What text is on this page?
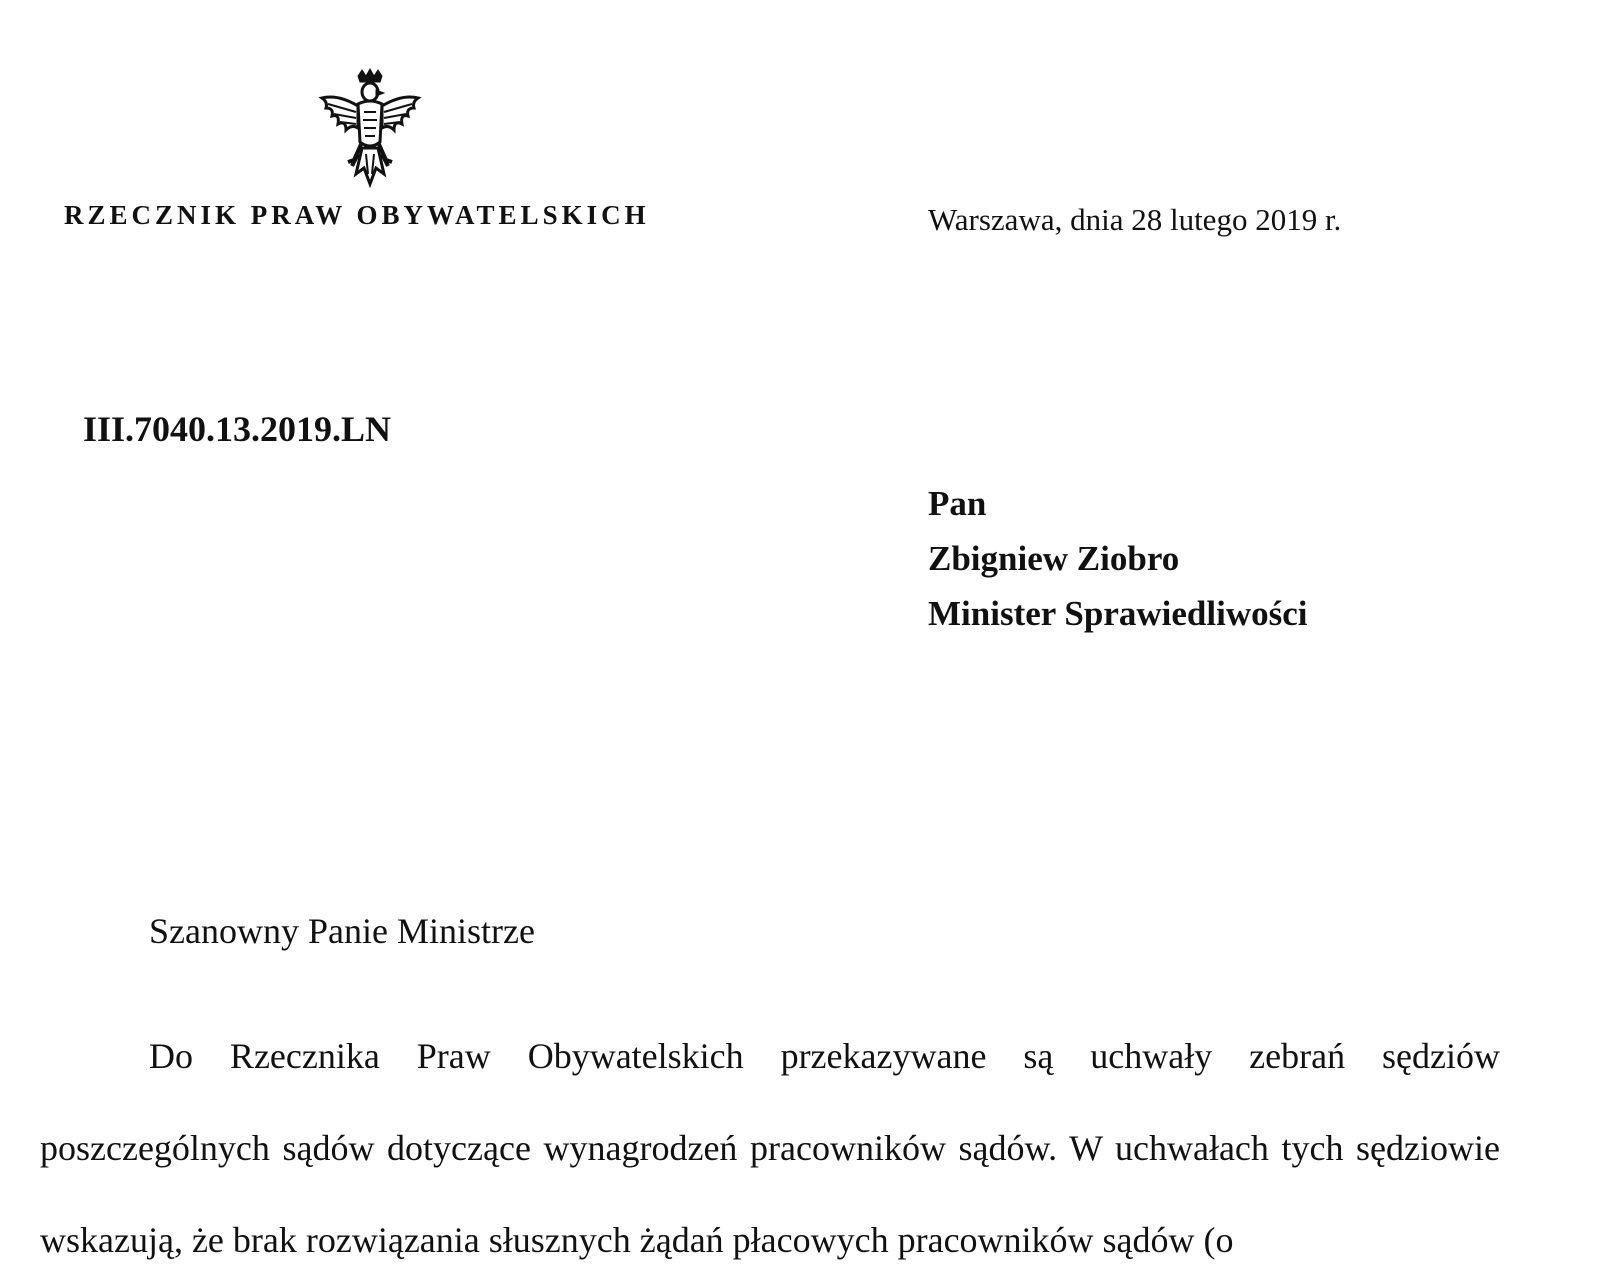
RZECZNIK PRAW OBYWATELSKICH	Warszawa, dnia 28 lutego 2019 r.
III.7040.13.2019.LN
Pan
Zbigniew Ziobro
Minister Sprawiedliwości
Szanowny Panie Ministrze
Do Rzecznika Praw Obywatelskich przekazywane są uchwały zebrań sędziów poszczególnych sądów dotyczące wynagrodzeń pracowników sądów. W uchwałach tych sędziowie wskazują, że brak rozwiązania słusznych żądań płacowych pracowników sądów (o
